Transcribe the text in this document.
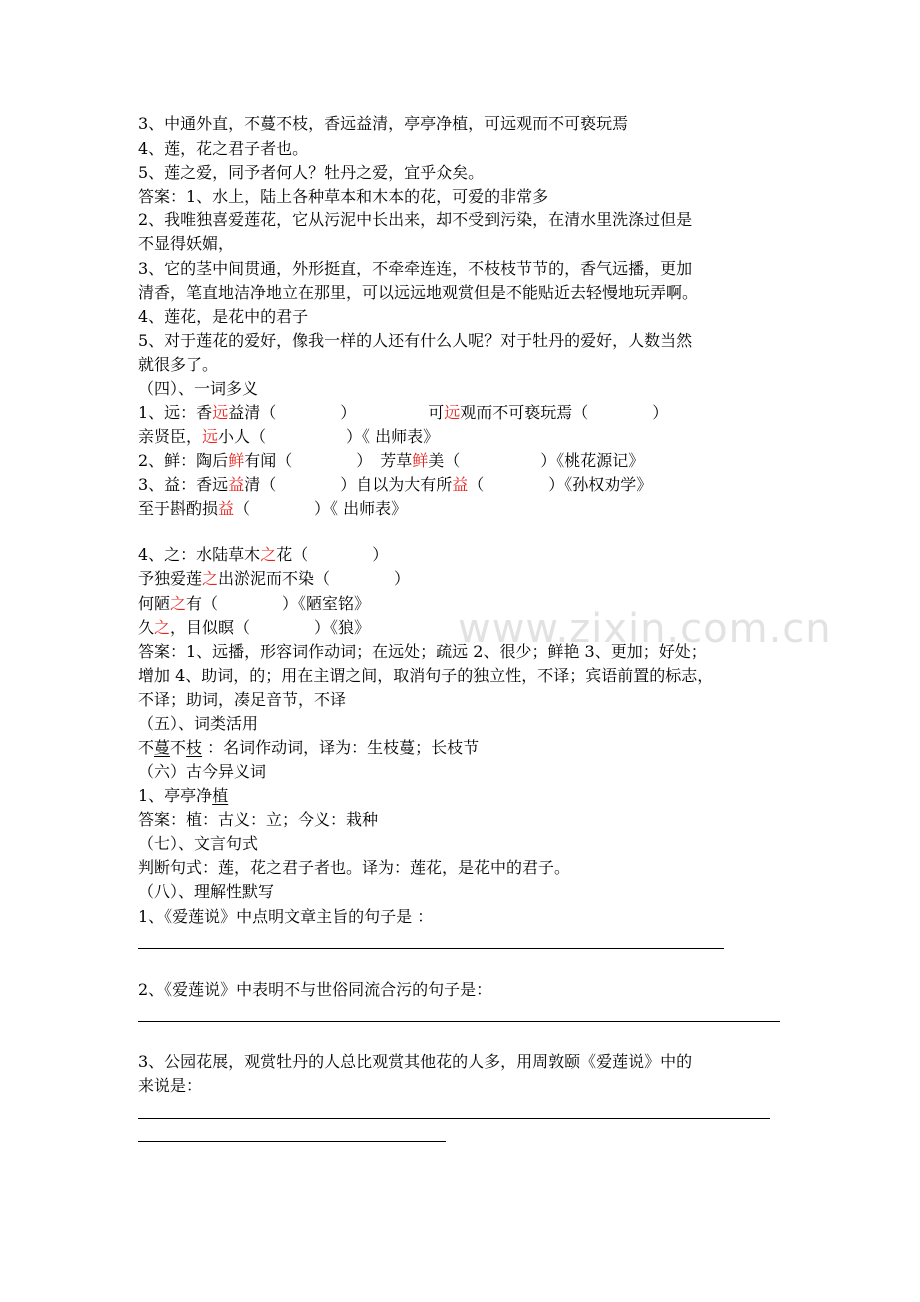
www.zixin.com.cn
3、中通外直，不蔓不枝，香远益清，亭亭净植，可远观而不可亵玩焉
4、莲，花之君子者也。
5、莲之爱，同予者何人？牡丹之爱，宜乎众矣。
答案：1、水上，陆上各种草本和木本的花，可爱的非常多
2、我唯独喜爱莲花，它从污泥中长出来，却不受到污染，在清水里洗涤过但是
不显得妖媚，
3、它的茎中间贯通，外形挺直，不牵牵连连，不枝枝节节的，香气远播，更加
清香，笔直地洁净地立在那里，可以远远地观赏但是不能贴近去轻慢地玩弄啊。
4、莲花，是花中的君子
5、对于莲花的爱好，像我一样的人还有什么人呢？对于牡丹的爱好，人数当然
就很多了。
（四）、一词多义
1、远：香远益清（　　　　）　　　　　可远观而不可亵玩焉（　　　　）
亲贤臣，远小人（　　　　　）《 出师表》
2、鲜：陶后鲜有闻（　　　　）　芳草鲜美（　　　　　）《桃花源记》
3、益：香远益清（　　　　）自以为大有所益（　　　　）《孙权劝学》
至于斟酌损益（　　　　）《 出师表》
4、之：水陆草木之花（　　　　）
予独爱莲之出淤泥而不染（　　　　）
何陋之有（　　　　）《陋室铭》
久之，目似瞑（　　　　）《狼》
答案：1、远播，形容词作动词；在远处；疏远 2、很少；鲜艳 3、更加；好处；
增加 4、助词，的；用在主谓之间，取消句子的独立性，不译；宾语前置的标志，
不译；助词，凑足音节，不译
（五）、词类活用
不蔓不枝 ：名词作动词，译为：生枝蔓；长枝节
（六）古今异义词
1、亭亭净植
答案：植：古义：立；今义：栽种
（七）、文言句式
判断句式：莲，花之君子者也。译为：莲花，是花中的君子。
（八）、理解性默写
1、《爱莲说》中点明文章主旨的句子是 ：
2、《爱莲说》中表明不与世俗同流合污的句子是：
3、公园花展，观赏牡丹的人总比观赏其他花的人多，用周敦颐《爱莲说》中的
来说是：
